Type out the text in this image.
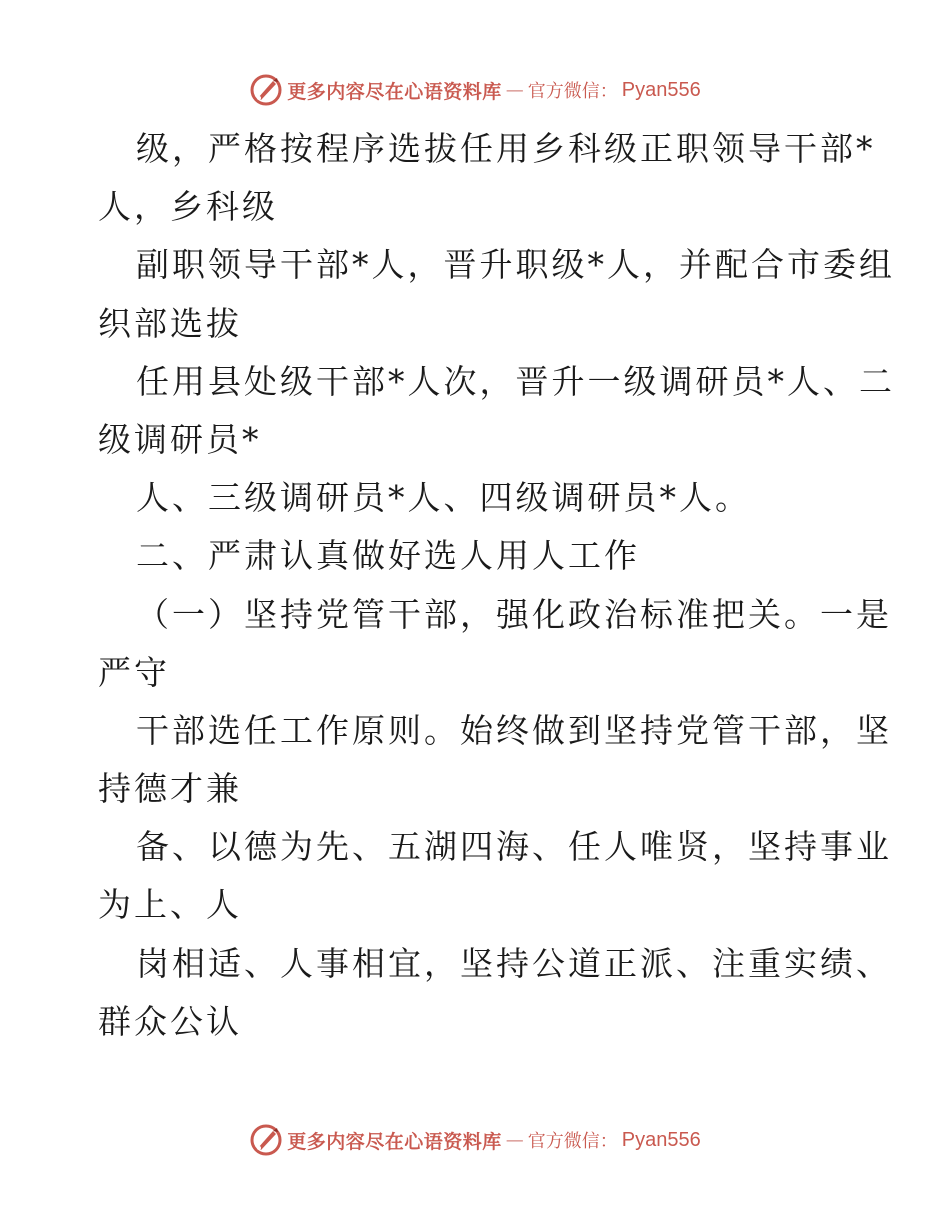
更多内容尽在心语资料库 — 官方微信： Pyan556
级，严格按程序选拔任用乡科级正职领导干部*
人，乡科级
副职领导干部*人，晋升职级*人，并配合市委组
织部选拔
任用县处级干部*人次，晋升一级调研员*人、二
级调研员*
人、三级调研员*人、四级调研员*人。
二、严肃认真做好选人用人工作
（一）坚持党管干部，强化政治标准把关。一是
严守
干部选任工作原则。始终做到坚持党管干部，坚
持德才兼
备、以德为先、五湖四海、任人唯贤，坚持事业
为上、人
岗相适、人事相宜，坚持公道正派、注重实绩、
群众公认
更多内容尽在心语资料库 — 官方微信： Pyan556
